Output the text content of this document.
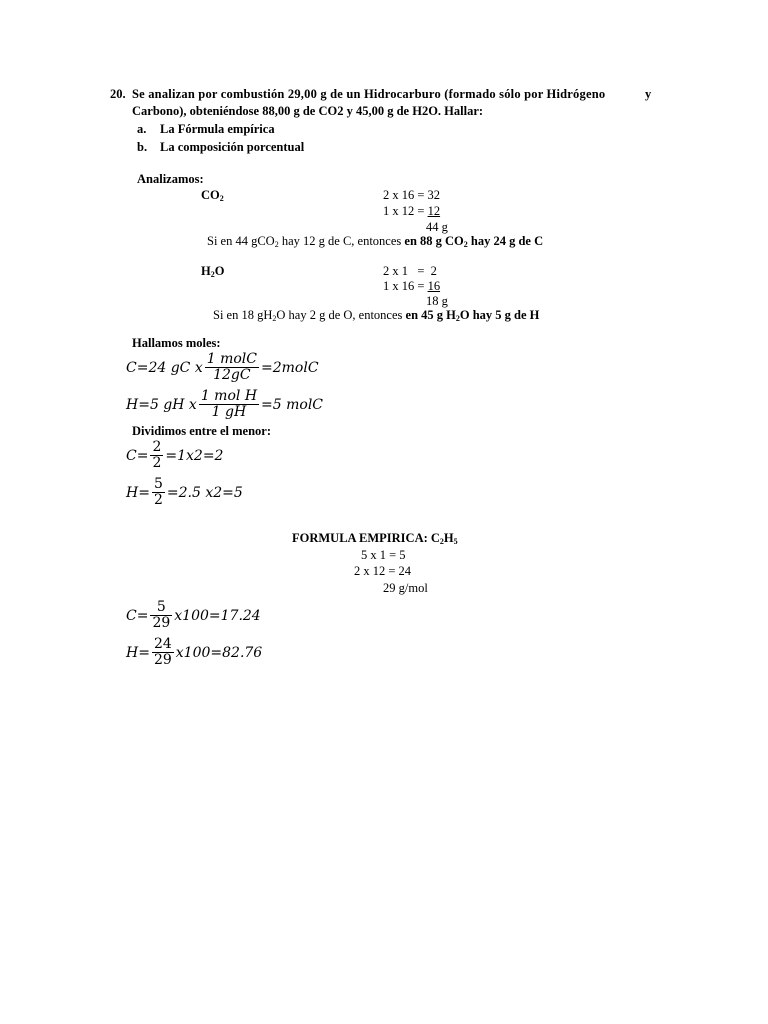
20. Se analizan por combustión 29,00 g de un Hidrocarburo (formado sólo por Hidrógeno	y
Carbono), obteniéndose 88,00 g de CO2 y 45,00 g de H2O. Hallar:
a. La Fórmula empírica
b. La composición porcentual
Analizamos:
$CO_2$	2 x 16 = 32
1 x 12 = 12
44 g
Si en 44 gCO$_2$ hay 12 g de C, entonces en 88 g $CO_2$ hay 24 g de C
$H_2O$	2 x 1   =  2
1 x 16 = 16
18 g
Si en 18 $gH_2O$ hay 2 g de O, entonces en 45 g $H_2O$ hay 5 g de H
Hallamos moles:
C=24 gC x $\frac{\text{1 molC}}{12gC}$ =2molC
H=5 gH x $\frac{\text{1 mol H}}{1 gH} =5$ molC
Dividimos entre el menor:
$C= \frac{2}{2} =1x2=2$
$H= \frac{5}{2} =2.5$ x2=5
FORMULA EMPIRICA: $C_2H_5$
5 x 1 = 5
2 x 12 = 24
29 g/mol
$C= \frac{5}{29} x100=17.24$
$H= \frac{24}{29} x100=82.76$
